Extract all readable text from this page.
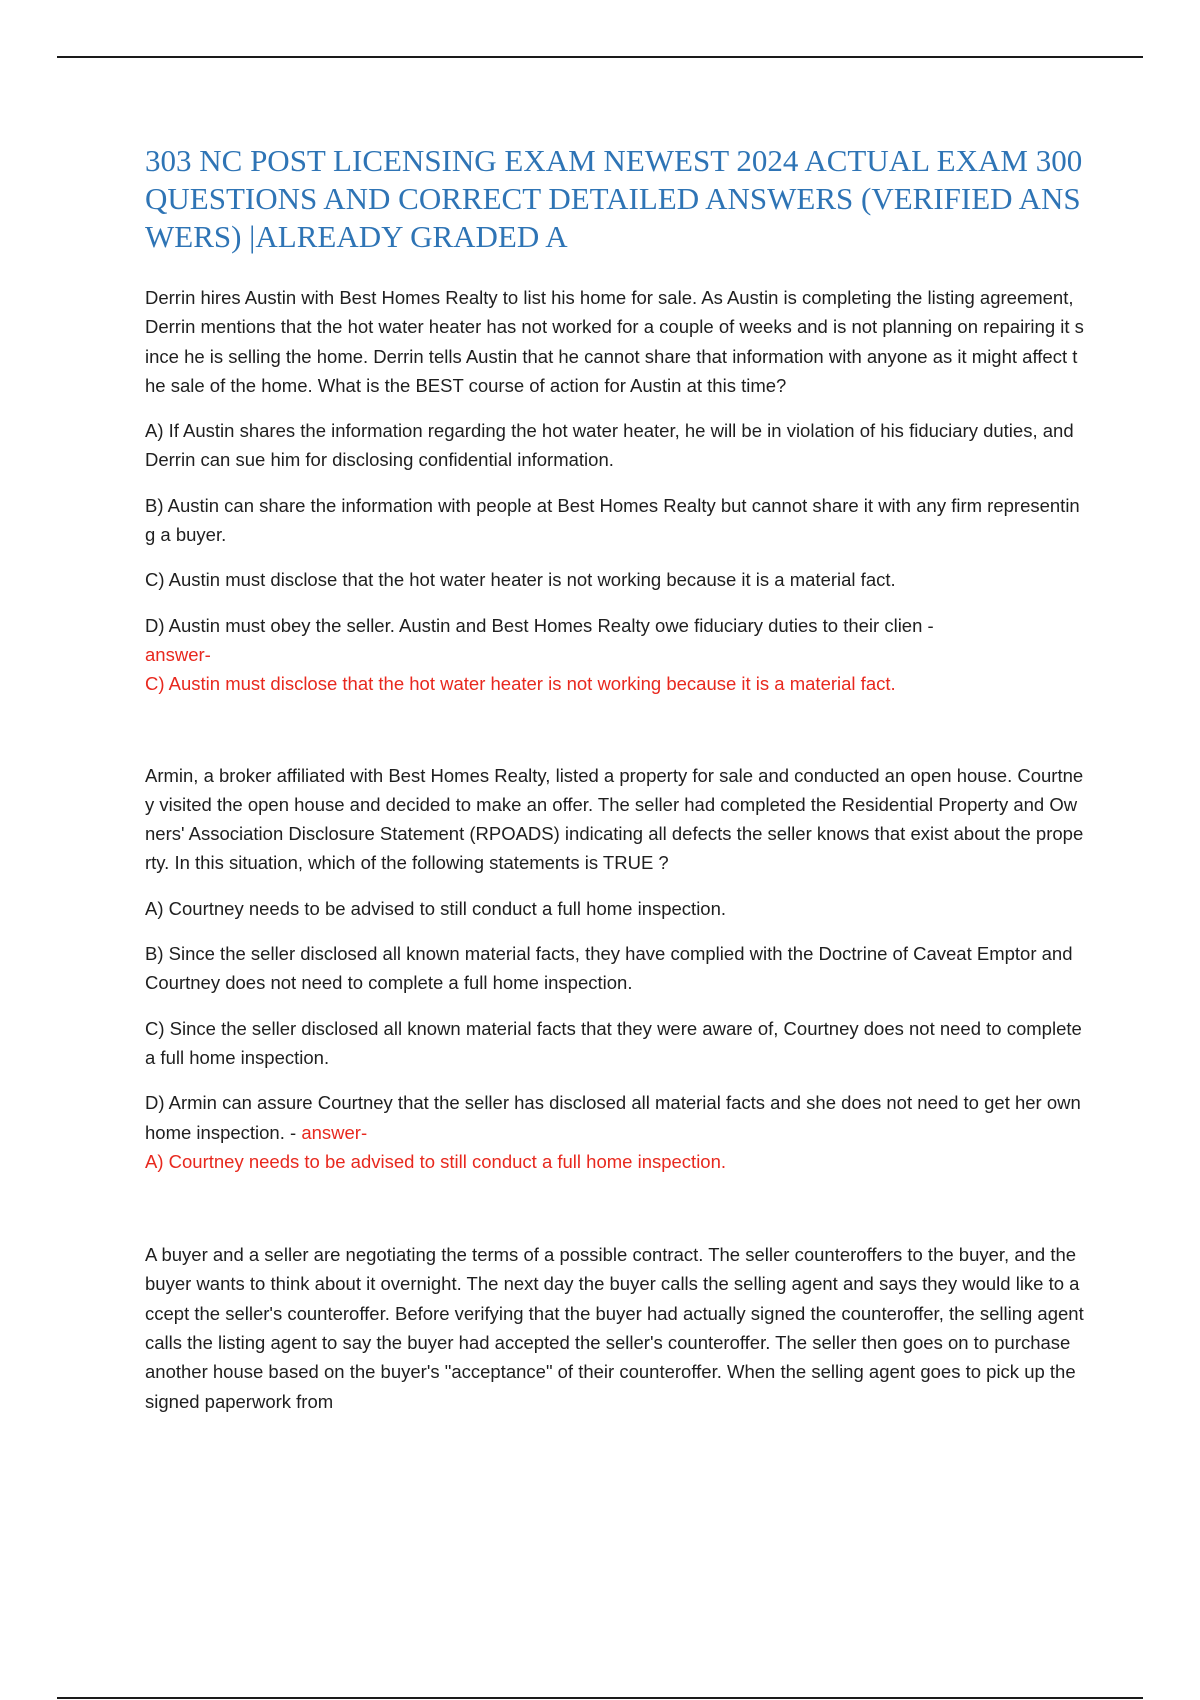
303 NC POST LICENSING EXAM NEWEST 2024 ACTUAL EXAM 300 QUESTIONS AND CORRECT DETAILED ANSWERS (VERIFIED ANSWERS) |ALREADY GRADED A

Derrin hires Austin with Best Homes Realty to list his home for sale. As Austin is completing the listing agreement, Derrin mentions that the hot water heater has not worked for a couple of weeks and is not planning on repairing it since he is selling the home. Derrin tells Austin that he cannot share that information with anyone as it might affect the sale of the home. What is the BEST course of action for Austin at this time?

A) If Austin shares the information regarding the hot water heater, he will be in violation of his fiduciary duties, and Derrin can sue him for disclosing confidential information.

B) Austin can share the information with people at Best Homes Realty but cannot share it with any firm representing a buyer.

C) Austin must disclose that the hot water heater is not working because it is a material fact.

D) Austin must obey the seller. Austin and Best Homes Realty owe fiduciary duties to their clien -
answer-

C) Austin must disclose that the hot water heater is not working because it is a material fact.

Armin, a broker affiliated with Best Homes Realty, listed a property for sale and conducted an open house. Courtney visited the open house and decided to make an offer. The seller had completed the Residential Property and Owners' Association Disclosure Statement (RPOADS) indicating all defects the seller knows that exist about the property. In this situation, which of the following statements is TRUE ?

A) Courtney needs to be advised to still conduct a full home inspection.

B) Since the seller disclosed all known material facts, they have complied with the Doctrine of Caveat Emptor and Courtney does not need to complete a full home inspection.

C) Since the seller disclosed all known material facts that they were aware of, Courtney does not need to complete a full home inspection.

D) Armin can assure Courtney that the seller has disclosed all material facts and she does not need to get her own home inspection. - answer-

A) Courtney needs to be advised to still conduct a full home inspection.

A buyer and a seller are negotiating the terms of a possible contract. The seller counteroffers to the buyer, and the buyer wants to think about it overnight. The next day the buyer calls the selling agent and says they would like to accept the seller's counteroffer. Before verifying that the buyer had actually signed the counteroffer, the selling agent calls the listing agent to say the buyer had accepted the seller's counteroffer. The seller then goes on to purchase another house based on the buyer's "acceptance" of their counteroffer. When the selling agent goes to pick up the signed paperwork from
